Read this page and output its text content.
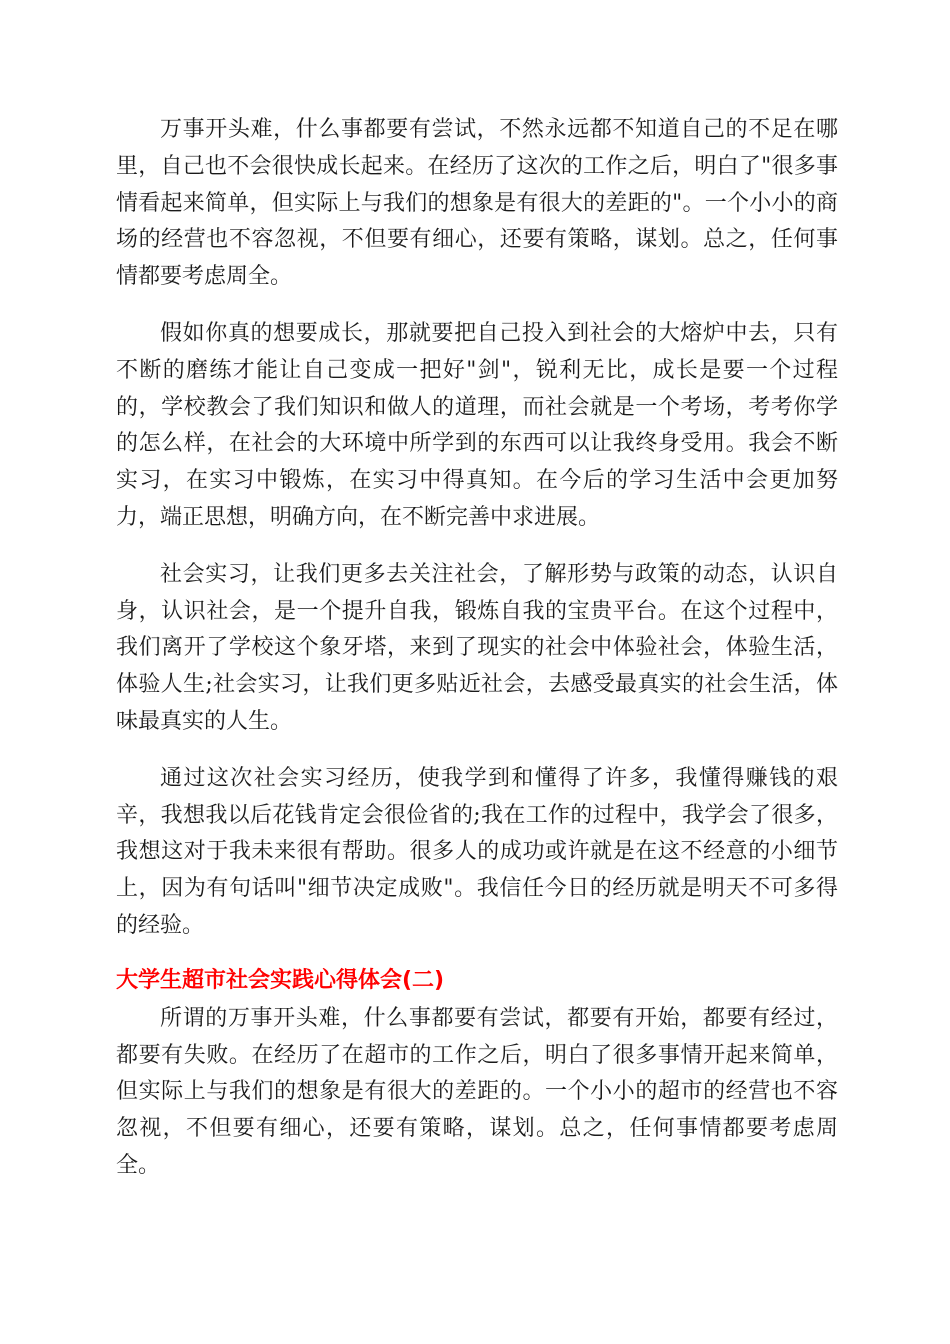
万事开头难，什么事都要有尝试，不然永远都不知道自己的不足在哪里，自己也不会很快成长起来。在经历了这次的工作之后，明白了"很多事情看起来简单，但实际上与我们的想象是有很大的差距的"。一个小小的商场的经营也不容忽视，不但要有细心，还要有策略，谋划。总之，任何事情都要考虑周全。

假如你真的想要成长，那就要把自己投入到社会的大熔炉中去，只有不断的磨练才能让自己变成一把好"剑"，锐利无比，成长是要一个过程的，学校教会了我们知识和做人的道理，而社会就是一个考场，考考你学的怎么样，在社会的大环境中所学到的东西可以让我终身受用。我会不断实习，在实习中锻炼，在实习中得真知。在今后的学习生活中会更加努力，端正思想，明确方向，在不断完善中求进展。

社会实习，让我们更多去关注社会，了解形势与政策的动态，认识自身，认识社会，是一个提升自我，锻炼自我的宝贵平台。在这个过程中，我们离开了学校这个象牙塔，来到了现实的社会中体验社会，体验生活，体验人生;社会实习，让我们更多贴近社会，去感受最真实的社会生活，体味最真实的人生。

通过这次社会实习经历，使我学到和懂得了许多，我懂得赚钱的艰辛，我想我以后花钱肯定会很俭省的;我在工作的过程中，我学会了很多，我想这对于我未来很有帮助。很多人的成功或许就是在这不经意的小细节上，因为有句话叫"细节决定成败"。我信任今日的经历就是明天不可多得的经验。

大学生超市社会实践心得体会(二)

所谓的万事开头难，什么事都要有尝试，都要有开始，都要有经过，都要有失败。在经历了在超市的工作之后，明白了很多事情开起来简单，但实际上与我们的想象是有很大的差距的。一个小小的超市的经营也不容忽视，不但要有细心，还要有策略，谋划。总之，任何事情都要考虑周全。
